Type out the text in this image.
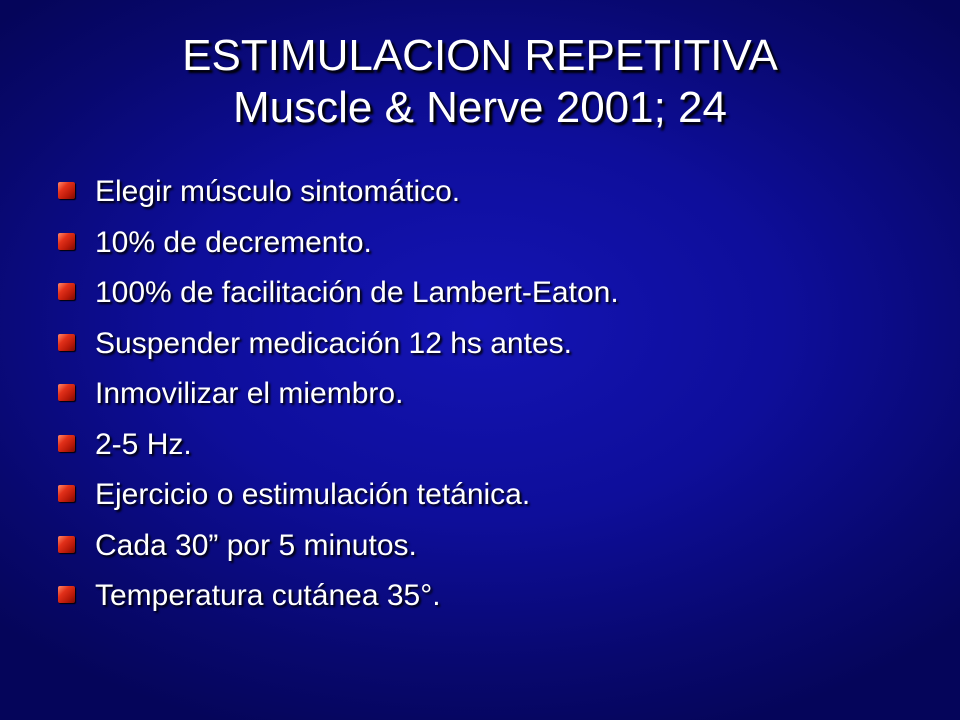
ESTIMULACION REPETITIVA
Muscle & Nerve 2001; 24
Elegir músculo sintomático.
10% de decremento.
100% de facilitación de Lambert-Eaton.
Suspender medicación 12 hs antes.
Inmovilizar el miembro.
2-5 Hz.
Ejercicio o estimulación tetánica.
Cada 30” por 5 minutos.
Temperatura cutánea 35°.
